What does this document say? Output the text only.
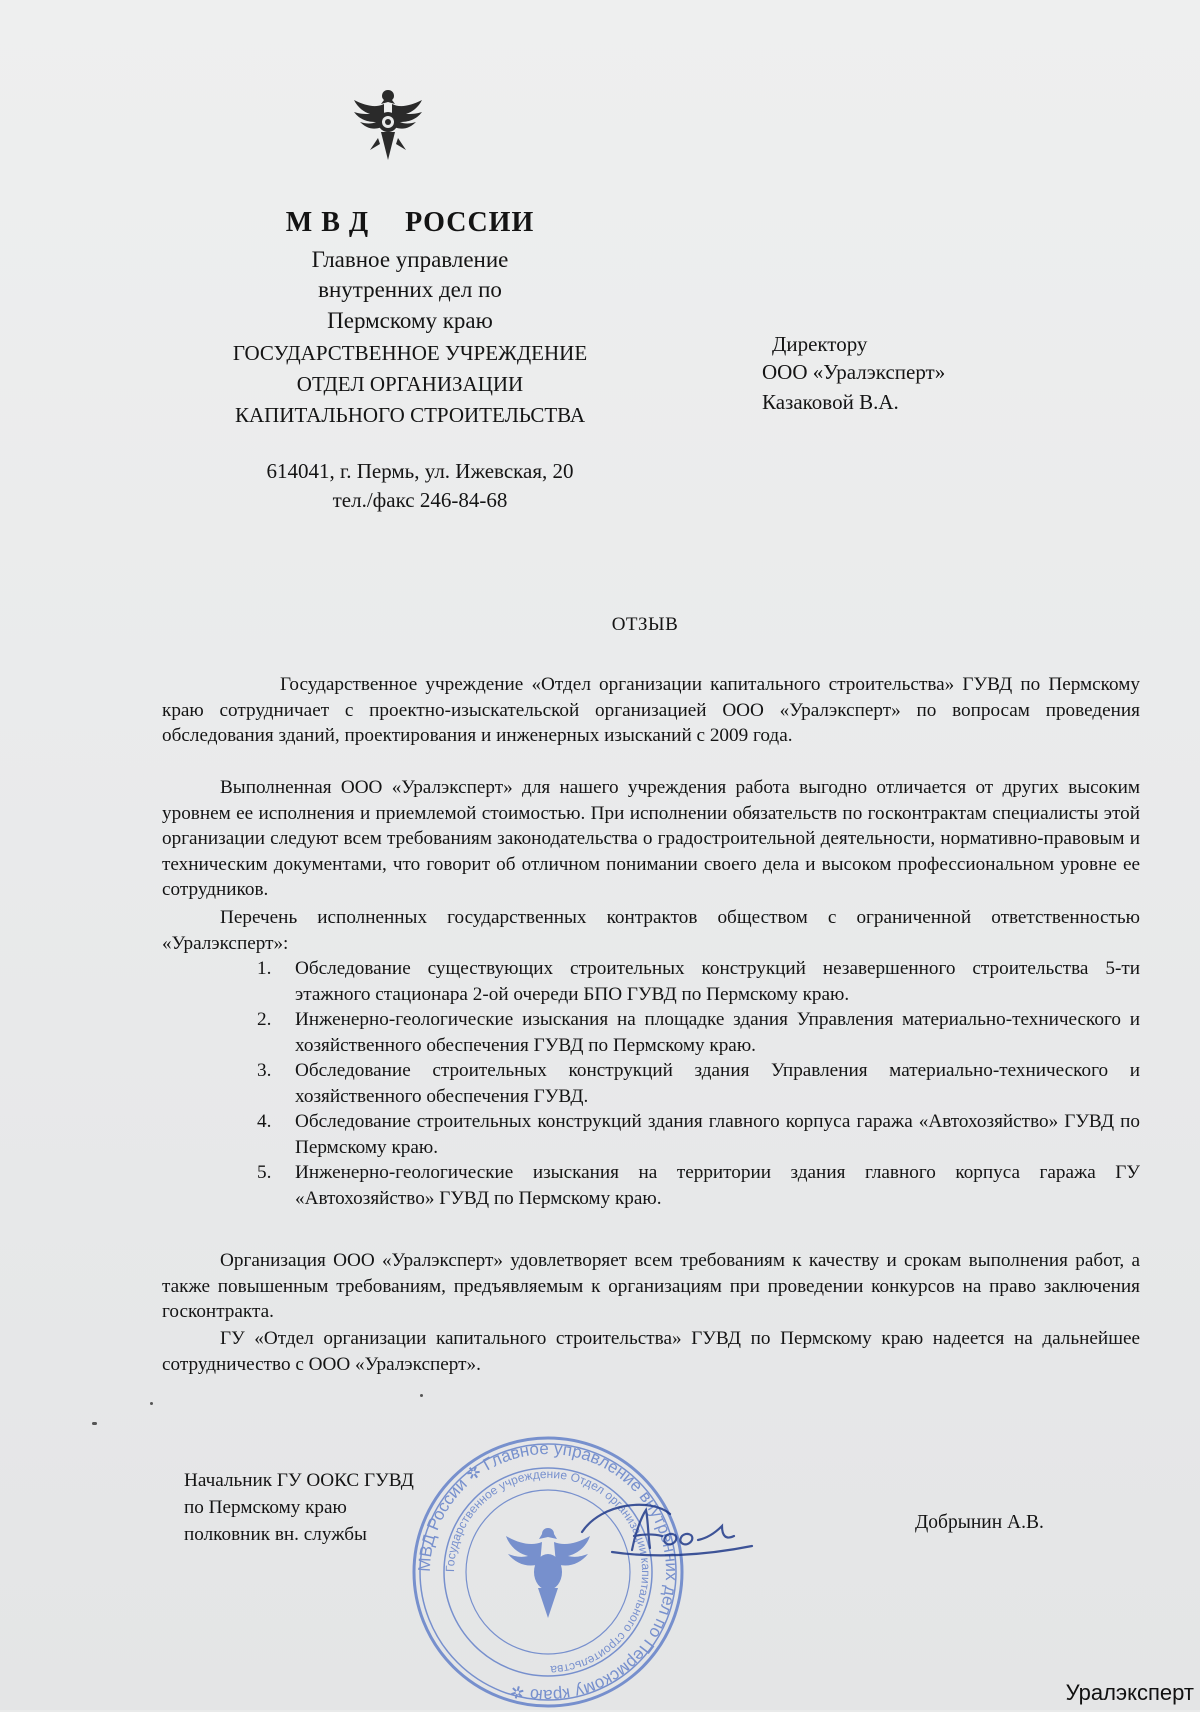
М В Д РОССИИ
Главное управление
внутренних дел по
Пермскому краю
ГОСУДАРСТВЕННОЕ УЧРЕЖДЕНИЕ
ОТДЕЛ ОРГАНИЗАЦИИ
КАПИТАЛЬНОГО СТРОИТЕЛЬСТВА
614041, г. Пермь, ул. Ижевская, 20
тел./факс 246-84-68
Директору
ООО «Уралэксперт»
Казаковой В.А.
ОТЗЫВ
Государственное учреждение «Отдел организации капитального строительства» ГУВД по Пермскому краю сотрудничает с проектно-изыскательской организацией ООО «Уралэксперт» по вопросам проведения обследования зданий, проектирования и инженерных изысканий с 2009 года.
Выполненная ООО «Уралэксперт» для нашего учреждения работа выгодно отличается от других высоким уровнем ее исполнения и приемлемой стоимостью. При исполнении обязательств по госконтрактам специалисты этой организации следуют всем требованиям законодательства о градостроительной деятельности, нормативно-правовым и техническим документами, что говорит об отличном понимании своего дела и высоком профессиональном уровне ее сотрудников.
Перечень исполненных государственных контрактов обществом с ограниченной ответственностью «Уралэксперт»:
1. Обследование существующих строительных конструкций незавершенного строительства 5-ти этажного стационара 2-ой очереди БПО ГУВД по Пермскому краю.
2. Инженерно-геологические изыскания на площадке здания Управления материально-технического и хозяйственного обеспечения ГУВД по Пермскому краю.
3. Обследование строительных конструкций здания Управления материально-технического и хозяйственного обеспечения ГУВД.
4. Обследование строительных конструкций здания главного корпуса гаража «Автохозяйство» ГУВД по Пермскому краю.
5. Инженерно-геологические изыскания на территории здания главного корпуса гаража ГУ «Автохозяйство» ГУВД по Пермскому краю.
Организация ООО «Уралэксперт» удовлетворяет всем требованиям к качеству и срокам выполнения работ, а также повышенным требованиям, предъявляемым к организациям при проведении конкурсов на право заключения госконтракта.
ГУ «Отдел организации капитального строительства» ГУВД по Пермскому краю надеется на дальнейшее сотрудничество с ООО «Уралэксперт».
Начальник ГУ ООКС ГУВД
по Пермскому краю
полковник вн. службы
Добрынин А.В.
МВД России ✲ Главное управление внутренних дел по Пермскому краю ✲
Государственное учреждение Отдел организации капитального строительства
Уралэксперт
